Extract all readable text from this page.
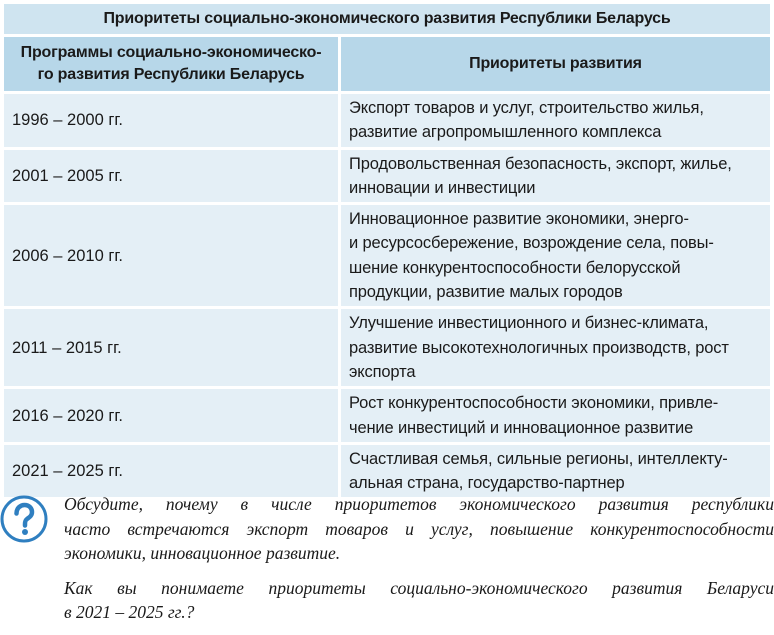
Приоритеты социально-экономического развития Республики Беларусь	

Программы социально-экономическо-
го развития Республики Беларусь	Приоритеты развития
1996 – 2000 гг.	Экспорт товаров и услуг, строительство жилья,
развитие агропромышленного комплекса

2001 – 2005 гг.	Продовольственная безопасность, экспорт, жилье,
инновации и инвестиции

2006 – 2010 гг.	Инновационное развитие экономики, энерго-
и ресурсосбережение, возрождение села, повы-
шение конкурентоспособности белорусской
продукции, развитие малых городов

2011 – 2015 гг.	Улучшение инвестиционного и бизнес-климата,
развитие высокотехнологичных производств, рост
экспорта

2016 – 2020 гг.	Рост конкурентоспособности экономики, привле-
чение инвестиций и инновационное развитие

2021 – 2025 гг.	Счастливая семья, сильные регионы, интеллекту-
альная страна, государство-партнер

Обсудите, почему в числе приоритетов экономического развития республики
часто встречаются экспорт товаров и услуг, повышение конкурентоспособности
экономики, инновационное развитие.

Как вы понимаете приоритеты социально-экономического развития Беларуси
в 2021 – 2025 гг.?
